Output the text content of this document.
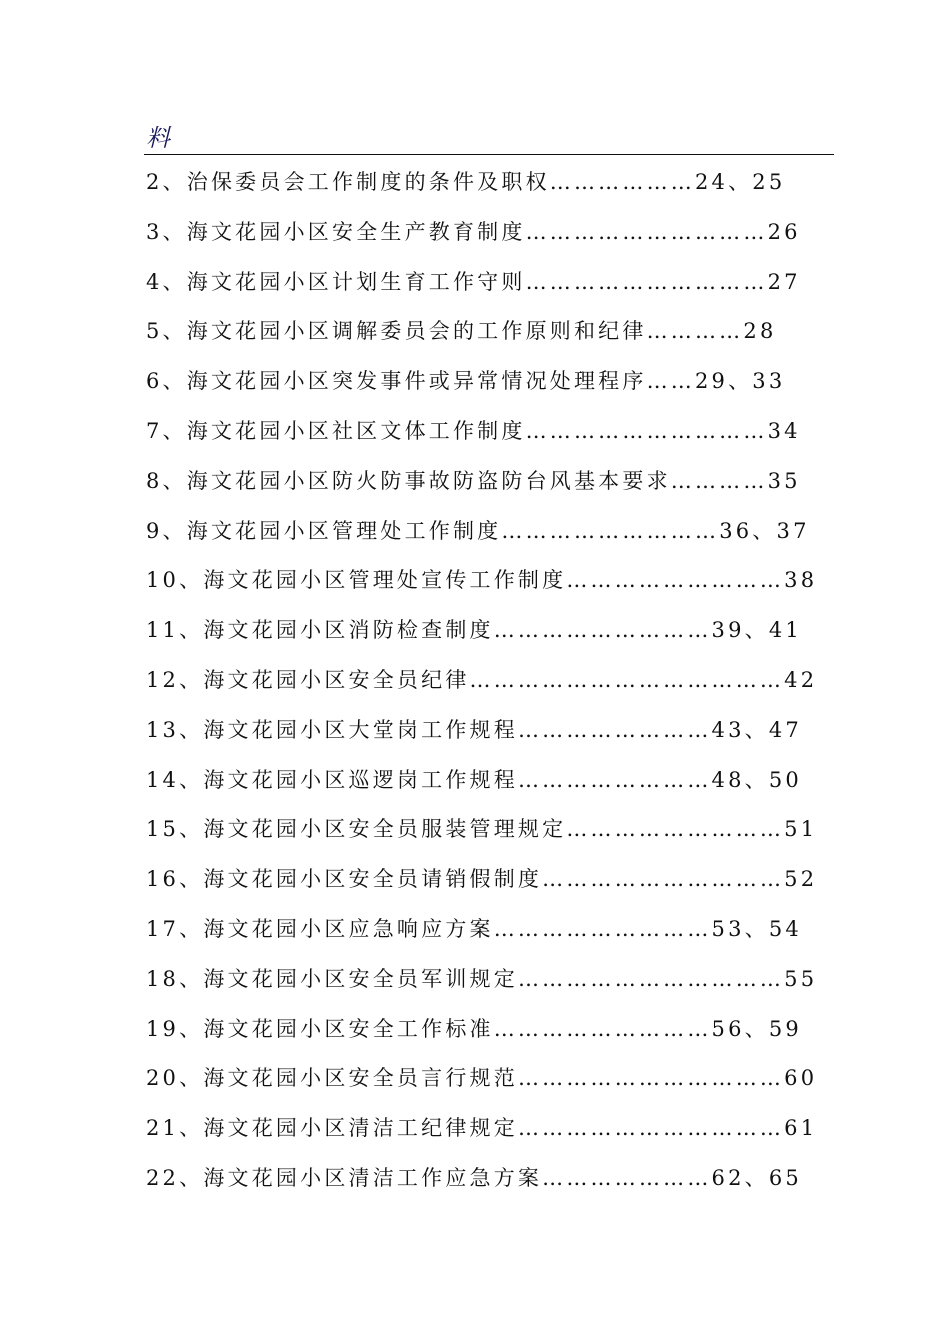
料
2、治保委员会工作制度的条件及职权………………24、25
3、海文花园小区安全生产教育制度…………………………26
4、海文花园小区计划生育工作守则…………………………27
5、海文花园小区调解委员会的工作原则和纪律…………28
6、海文花园小区突发事件或异常情况处理程序……29、33
7、海文花园小区社区文体工作制度…………………………34
8、海文花园小区防火防事故防盗防台风基本要求…………35
9、海文花园小区管理处工作制度………………………36、37
10、海文花园小区管理处宣传工作制度………………………38
11、海文花园小区消防检查制度………………………39、41
12、海文花园小区安全员纪律…………………………………42
13、海文花园小区大堂岗工作规程……………………43、47
14、海文花园小区巡逻岗工作规程……………………48、50
15、海文花园小区安全员服装管理规定………………………51
16、海文花园小区安全员请销假制度…………………………52
17、海文花园小区应急响应方案………………………53、54
18、海文花园小区安全员军训规定……………………………55
19、海文花园小区安全工作标准………………………56、59
20、海文花园小区安全员言行规范……………………………60
21、海文花园小区清洁工纪律规定……………………………61
22、海文花园小区清洁工作应急方案…………………62、65
